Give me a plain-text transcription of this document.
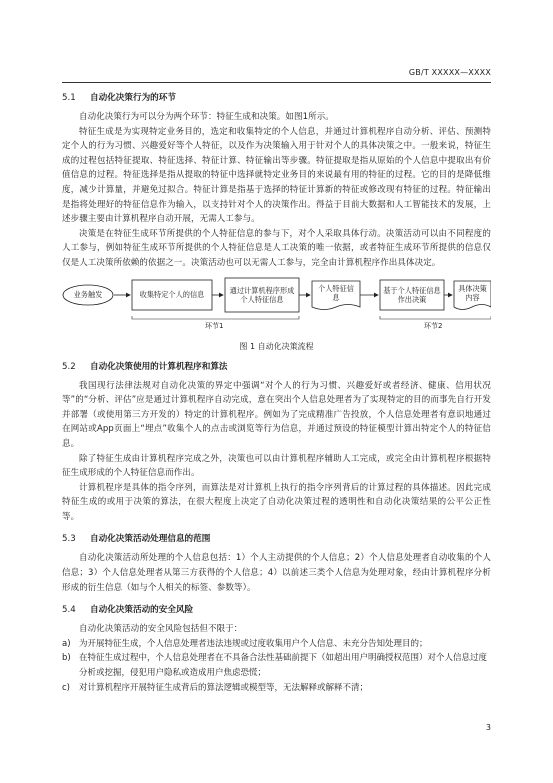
GB/T XXXXX—XXXX
5.1 自动化决策行为的环节

自动化决策行为可以分为两个环节：特征生成和决策。如图1所示。

特征生成是为实现特定业务目的，选定和收集特定的个人信息，并通过计算机程序自动分析、评估、预测特定个人的行为习惯、兴趣爱好等个人特征，以及作为决策输入用于针对个人的具体决策之中。一般来说，特征生成的过程包括特征提取、特征选择、特征计算、特征输出等步骤。特征提取是指从原始的个人信息中提取出有价值信息的过程。特征选择是指从提取的特征中选择就特定业务目的来说最有用的特征的过程。它的目的是降低维度，减少计算量，并避免过拟合。特征计算是指基于选择的特征计算新的特征或修改现有特征的过程。特征输出是指将处理好的特征信息作为输入，以支持针对个人的决策作出。得益于目前大数据和人工智能技术的发展，上述步骤主要由计算机程序自动开展，无需人工参与。

决策是在特征生成环节所提供的个人特征信息的参与下，对个人采取具体行动。决策活动可以由不同程度的人工参与，例如特征生成环节所提供的个人特征信息是人工决策的唯一依据，或者特征生成环节所提供的信息仅仅是人工决策所依赖的依据之一。决策活动也可以无需人工参与，完全由计算机程序作出具体决定。

业务触发	收集特定个人的信息	通过计算机程序形成个人特征信息
个人特征信息
基于个人特征信息作出决策
具体决策内容
环节1	环节2
图 1 自动化决策流程
5.2 自动化决策使用的计算机程序和算法

我国现行法律法规对自动化决策的界定中强调“对个人的行为习惯、兴趣爱好或者经济、健康、信用状况等”的“分析、评估”应是通过计算机程序自动完成，意在突出个人信息处理者为了实现特定的目的而事先自行开发并部署（或使用第三方开发的）特定的计算机程序。例如为了完成精准广告投放，个人信息处理者有意识地通过在网站或App页面上“埋点”收集个人的点击或浏览等行为信息，并通过预设的特征模型计算出特定个人的特征信息。

除了特征生成由计算机程序完成之外，决策也可以由计算机程序辅助人工完成，或完全由计算机程序根据特征生成形成的个人特征信息而作出。

计算机程序是具体的指令序列，而算法是对计算机上执行的指令序列背后的计算过程的具体描述。因此完成特征生成的或用于决策的算法，在很大程度上决定了自动化决策过程的透明性和自动化决策结果的公平公正性等。

5.3 自动化决策活动处理信息的范围

自动化决策活动所处理的个人信息包括：1）个人主动提供的个人信息；2）个人信息处理者自动收集的个人信息；3）个人信息处理者从第三方获得的个人信息；4）以前述三类个人信息为处理对象，经由计算机程序分析形成的衍生信息（如与个人相关的标签、参数等）。

5.4 自动化决策活动的安全风险

自动化决策活动的安全风险包括但不限于：

a) 为开展特征生成，个人信息处理者违法违规或过度收集用户个人信息、未充分告知处理目的；
b) 在特征生成过程中，个人信息处理者在不具备合法性基础前提下（如超出用户明确授权范围）对个人信息过度分析或挖掘，侵犯用户隐私或造成用户焦虑恐慌；
c)	对计算机程序开展特征生成背后的算法逻辑或模型等，无法解释或解释不清；
3
